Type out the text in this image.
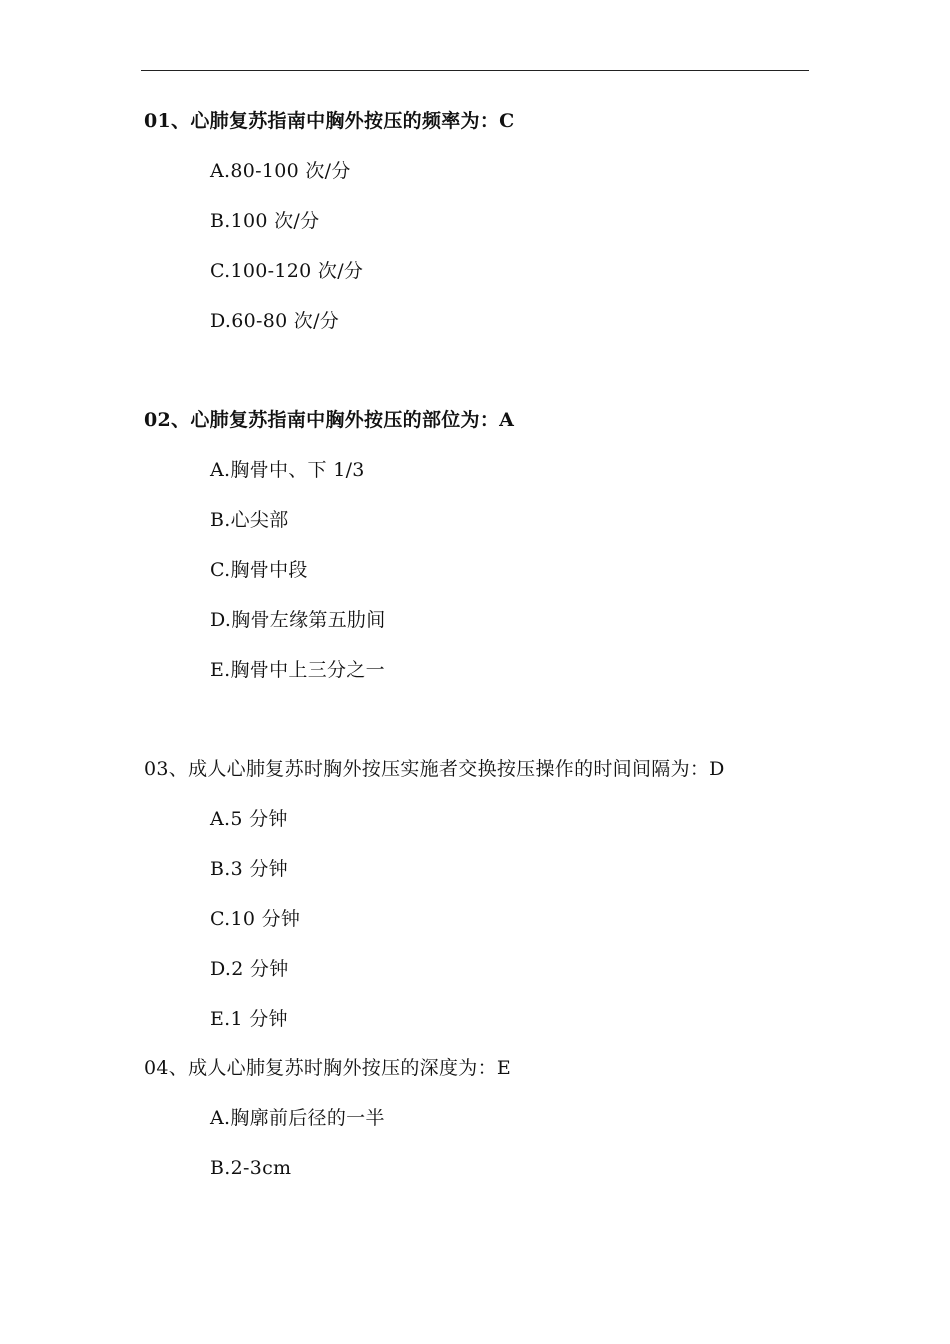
01、心肺复苏指南中胸外按压的频率为：C
A.80-100 次/分
B.100 次/分
C.100-120 次/分
D.60-80 次/分
02、心肺复苏指南中胸外按压的部位为：A
A.胸骨中、下 1/3
B.心尖部
C.胸骨中段
D.胸骨左缘第五肋间
E.胸骨中上三分之一
03、成人心肺复苏时胸外按压实施者交换按压操作的时间间隔为：D
A.5 分钟
B.3 分钟
C.10 分钟
D.2 分钟
E.1 分钟
04、成人心肺复苏时胸外按压的深度为：E
A.胸廓前后径的一半
B.2-3cm
